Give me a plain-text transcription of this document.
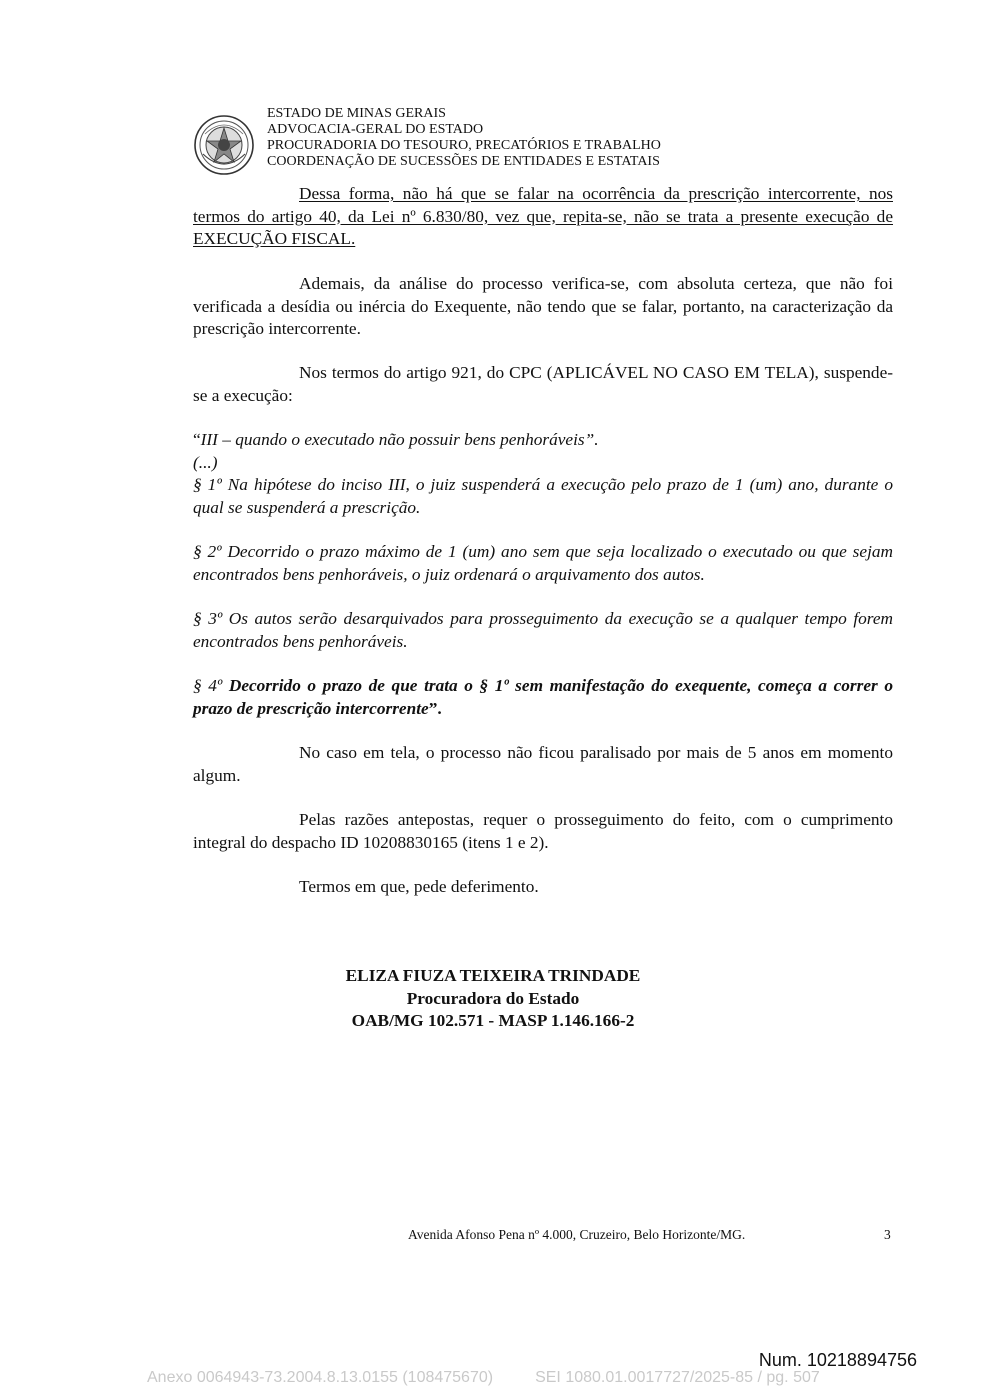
ESTADO DE MINAS GERAIS
ADVOCACIA-GERAL DO ESTADO
PROCURADORIA DO TESOURO, PRECATÓRIOS E TRABALHO
COORDENAÇÃO DE SUCESSÕES DE ENTIDADES E ESTATAIS
Dessa forma, não há que se falar na ocorrência da prescrição intercorrente, nos termos do artigo 40, da Lei nº 6.830/80, vez que, repita-se, não se trata a presente execução de EXECUÇÃO FISCAL.
Ademais, da análise do processo verifica-se, com absoluta certeza, que não foi verificada a desídia ou inércia do Exequente, não tendo que se falar, portanto, na caracterização da prescrição intercorrente.
Nos termos do artigo 921, do CPC (APLICÁVEL NO CASO EM TELA), suspende-se a execução:
“III – quando o executado não possuir bens penhoráveis”.
(...)
§ 1º Na hipótese do inciso III, o juiz suspenderá a execução pelo prazo de 1 (um) ano, durante o qual se suspenderá a prescrição.
§ 2º Decorrido o prazo máximo de 1 (um) ano sem que seja localizado o executado ou que sejam encontrados bens penhoráveis, o juiz ordenará o arquivamento dos autos.
§ 3º Os autos serão desarquivados para prosseguimento da execução se a qualquer tempo forem encontrados bens penhoráveis.
§ 4º Decorrido o prazo de que trata o § 1º sem manifestação do exequente, começa a correr o prazo de prescrição intercorrente”.
No caso em tela, o processo não ficou paralisado por mais de 5 anos em momento algum.
Pelas razões antepostas, requer o prosseguimento do feito, com o cumprimento integral do despacho ID 10208830165 (itens 1 e 2).
Termos em que, pede deferimento.
ELIZA FIUZA TEIXEIRA TRINDADE
Procuradora do Estado
OAB/MG 102.571 - MASP 1.146.166-2
Avenida Afonso Pena nº 4.000, Cruzeiro, Belo Horizonte/MG.	3
Num. 10218894756
Anexo 0064943-73.2004.8.13.0155 (108475670)	SEI 1080.01.0017727/2025-85 / pg. 507
